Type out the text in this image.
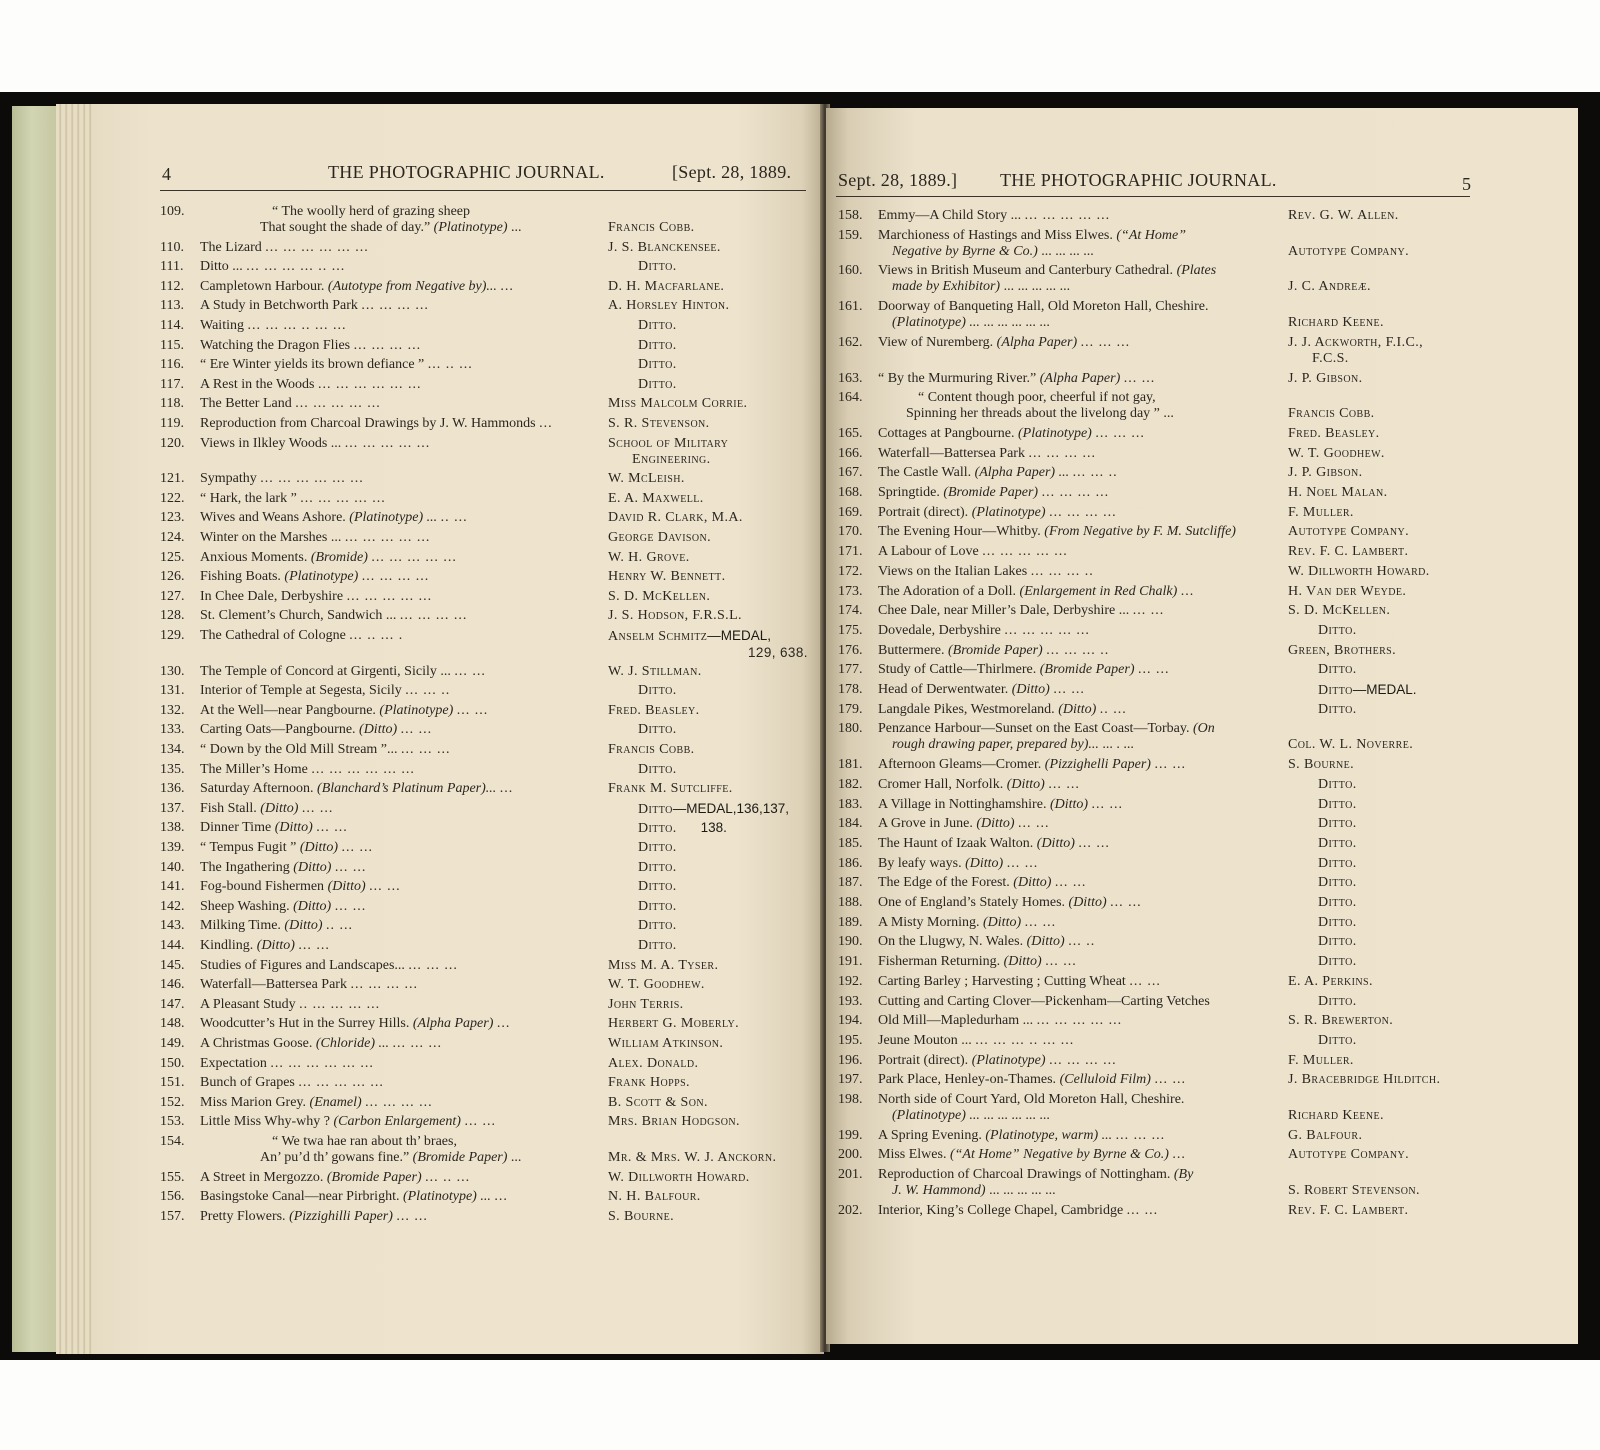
4	THE PHOTOGRAPHIC JOURNAL.	[Sept. 28, 1889.
109.	“ The woolly herd of grazing sheep
That sought the shade of day.” (Platinotype) ...	Francis Cobb.
110. The Lizard ... ... ... ... ... ...	J. S. Blanckensee.
111. Ditto ... ... ... ... ... .. ...	Ditto.
112. Campletown Harbour. (Autotype from Negative by)... ...	D. H. Macfarlane.
113. A Study in Betchworth Park ... ... ... ...	A. Horsley Hinton.
114. Waiting ... ... ... .. ... ...	Ditto.
115. Watching the Dragon Flies ... ... ... ...	Ditto.
116. “ Ere Winter yields its brown defiance ” ... .. ...	Ditto.
117. A Rest in the Woods ... ... ... ... ... ...	Ditto.
118. The Better Land ... ... ... ... ...	Miss Malcolm Corrie.
119. Reproduction from Charcoal Drawings by J. W. Hammonds ...	S. R. Stevenson.
120. Views in Ilkley Woods ... ... ... ... ... ...	School of Military
Engineering.
121. Sympathy ... ... ... ... ... ...	W. McLeish.
122. “ Hark, the lark ” ... ... ... ... ...	E. A. Maxwell.
123. Wives and Weans Ashore. (Platinotype) ... .. ...	David R. Clark, M.A.
124. Winter on the Marshes ... ... ... ... ... ...	George Davison.
125. Anxious Moments. (Bromide) ... ... ... ... ...	W. H. Grove.
126. Fishing Boats. (Platinotype) ... ... ... ...	Henry W. Bennett.
127. In Chee Dale, Derbyshire ... ... ... ... ...	S. D. McKellen.
128. St. Clement’s Church, Sandwich ... ... ... ... ...	J. S. Hodson, F.R.S.L.
129. The Cathedral of Cologne ... .. ... .	Anselm Schmitz—MEDAL,
129, 638.
130. The Temple of Concord at Girgenti, Sicily ... ... ...	W. J. Stillman.
131. Interior of Temple at Segesta, Sicily ... ... ..	Ditto.
132. At the Well—near Pangbourne. (Platinotype) ... ...	Fred. Beasley.
133. Carting Oats—Pangbourne. (Ditto) ... ...	Ditto.
134. “ Down by the Old Mill Stream ”... ... ... ...	Francis Cobb.
135. The Miller’s Home ... ... ... ... ... ...	Ditto.
136. Saturday Afternoon. (Blanchard’s Platinum Paper)... ...	Frank M. Sutcliffe.
137. Fish Stall. (Ditto) ... ...	Ditto—MEDAL,136,137,
138. Dinner Time (Ditto) ... ...	Ditto. 138.
139. “ Tempus Fugit ” (Ditto) ... ...	Ditto.
140. The Ingathering (Ditto) ... ...	Ditto.
141. Fog-bound Fishermen (Ditto) ... ...	Ditto.
142. Sheep Washing. (Ditto) ... ...	Ditto.
143. Milking Time. (Ditto) .. ...	Ditto.
144. Kindling. (Ditto) ... ...	Ditto.
145. Studies of Figures and Landscapes... ... ... ...	Miss M. A. Tyser.
146. Waterfall—Battersea Park ... ... ... ...	W. T. Goodhew.
147. A Pleasant Study .. ... ... ... ...	John Terris.
148. Woodcutter’s Hut in the Surrey Hills. (Alpha Paper) ...	Herbert G. Moberly.
149. A Christmas Goose. (Chloride) ... ... ... ...	William Atkinson.
150. Expectation ... ... ... ... ... ...	Alex. Donald.
151. Bunch of Grapes ... ... ... ... ...	Frank Hopps.
152. Miss Marion Grey. (Enamel) ... ... ... ...	B. Scott & Son.
153. Little Miss Why-why ? (Carbon Enlargement) ... ...	Mrs. Brian Hodgson.
154.	“ We twa hae ran about th’ braes,
An’ pu’d th’ gowans fine.” (Bromide Paper) ...	Mr. & Mrs. W. J. Anckorn.
155. A Street in Mergozzo. (Bromide Paper) ... .. ...	W. Dillworth Howard.
156. Basingstoke Canal—near Pirbright. (Platinotype) ... ...	N. H. Balfour.
157. Pretty Flowers. (Pizzighilli Paper) ... ...	S. Bourne.
Sept. 28, 1889.] THE PHOTOGRAPHIC JOURNAL.	5
158. Emmy—A Child Story ... ... ... ... ... ...	Rev. G. W. Allen.
159. Marchioness of Hastings and Miss Elwes. (“At Home”
Negative by Byrne & Co.) ... ... ... ...	Autotype Company.
160. Views in British Museum and Canterbury Cathedral. (Plates
made by Exhibitor) ... ... ... ... ...	J. C. Andreæ.
161. Doorway of Banqueting Hall, Old Moreton Hall, Cheshire.
(Platinotype) ... ... ... ... ... ...	Richard Keene.
162. View of Nuremberg. (Alpha Paper) ... ... ...	J. J. Ackworth, F.I.C.,
F.C.S.
163. “ By the Murmuring River.” (Alpha Paper) ... ...	J. P. Gibson.
164.	“ Content though poor, cheerful if not gay,
Spinning her threads about the livelong day ” ...	Francis Cobb.
165. Cottages at Pangbourne. (Platinotype) ... ... ...	Fred. Beasley.
166. Waterfall—Battersea Park ... ... ... ...	W. T. Goodhew.
167. The Castle Wall. (Alpha Paper) ... ... ... ..	J. P. Gibson.
168. Springtide. (Bromide Paper) ... ... ... ...	H. Noel Malan.
169. Portrait (direct). (Platinotype) ... ... ... ...	F. Muller.
170. The Evening Hour—Whitby. (From Negative by F. M. Sutcliffe)	Autotype Company.
171. A Labour of Love ... ... ... ... ...	Rev. F. C. Lambert.
172. Views on the Italian Lakes ... ... ... ..	W. Dillworth Howard.
173. The Adoration of a Doll. (Enlargement in Red Chalk) ...	H. Van der Weyde.
174. Chee Dale, near Miller’s Dale, Derbyshire ... ... ...	S. D. McKellen.
175. Dovedale, Derbyshire ... ... ... ... ...	Ditto.
176. Buttermere. (Bromide Paper) ... ... ... ..	Green, Brothers.
177. Study of Cattle—Thirlmere. (Bromide Paper) ... ...	Ditto.
178. Head of Derwentwater. (Ditto) ... ...	Ditto—MEDAL.
179. Langdale Pikes, Westmoreland. (Ditto) .. ...	Ditto.
180. Penzance Harbour—Sunset on the East Coast—Torbay. (On
rough drawing paper, prepared by)... ... . ...	Col. W. L. Noverre.
181. Afternoon Gleams—Cromer. (Pizzighelli Paper) ... ...	S. Bourne.
182. Cromer Hall, Norfolk. (Ditto) ... ...	Ditto.
183. A Village in Nottinghamshire. (Ditto) ... ...	Ditto.
184. A Grove in June. (Ditto) ... ...	Ditto.
185. The Haunt of Izaak Walton. (Ditto) ... ...	Ditto.
186. By leafy ways. (Ditto) ... ...	Ditto.
187. The Edge of the Forest. (Ditto) ... ...	Ditto.
188. One of England’s Stately Homes. (Ditto) ... ...	Ditto.
189. A Misty Morning. (Ditto) ... ...	Ditto.
190. On the Llugwy, N. Wales. (Ditto) ... ..	Ditto.
191. Fisherman Returning. (Ditto) ... ...	Ditto.
192. Carting Barley ; Harvesting ; Cutting Wheat ... ...	E. A. Perkins.
193. Cutting and Carting Clover—Pickenham—Carting Vetches	Ditto.
194. Old Mill—Mapledurham ... ... ... ... ... ...	S. R. Brewerton.
195. Jeune Mouton ... ... ... ... .. ... ...	Ditto.
196. Portrait (direct). (Platinotype) ... ... ... ...	F. Muller.
197. Park Place, Henley-on-Thames. (Celluloid Film) ... ...	J. Bracebridge Hilditch.
198. North side of Court Yard, Old Moreton Hall, Cheshire.
(Platinotype) ... ... ... ... ... ...	Richard Keene.
199. A Spring Evening. (Platinotype, warm) ... ... ... ...	G. Balfour.
200. Miss Elwes. (“At Home” Negative by Byrne & Co.) ...	Autotype Company.
201. Reproduction of Charcoal Drawings of Nottingham. (By
J. W. Hammond) ... ... ... ... ...	S. Robert Stevenson.
202. Interior, King’s College Chapel, Cambridge ... ...	Rev. F. C. Lambert.
